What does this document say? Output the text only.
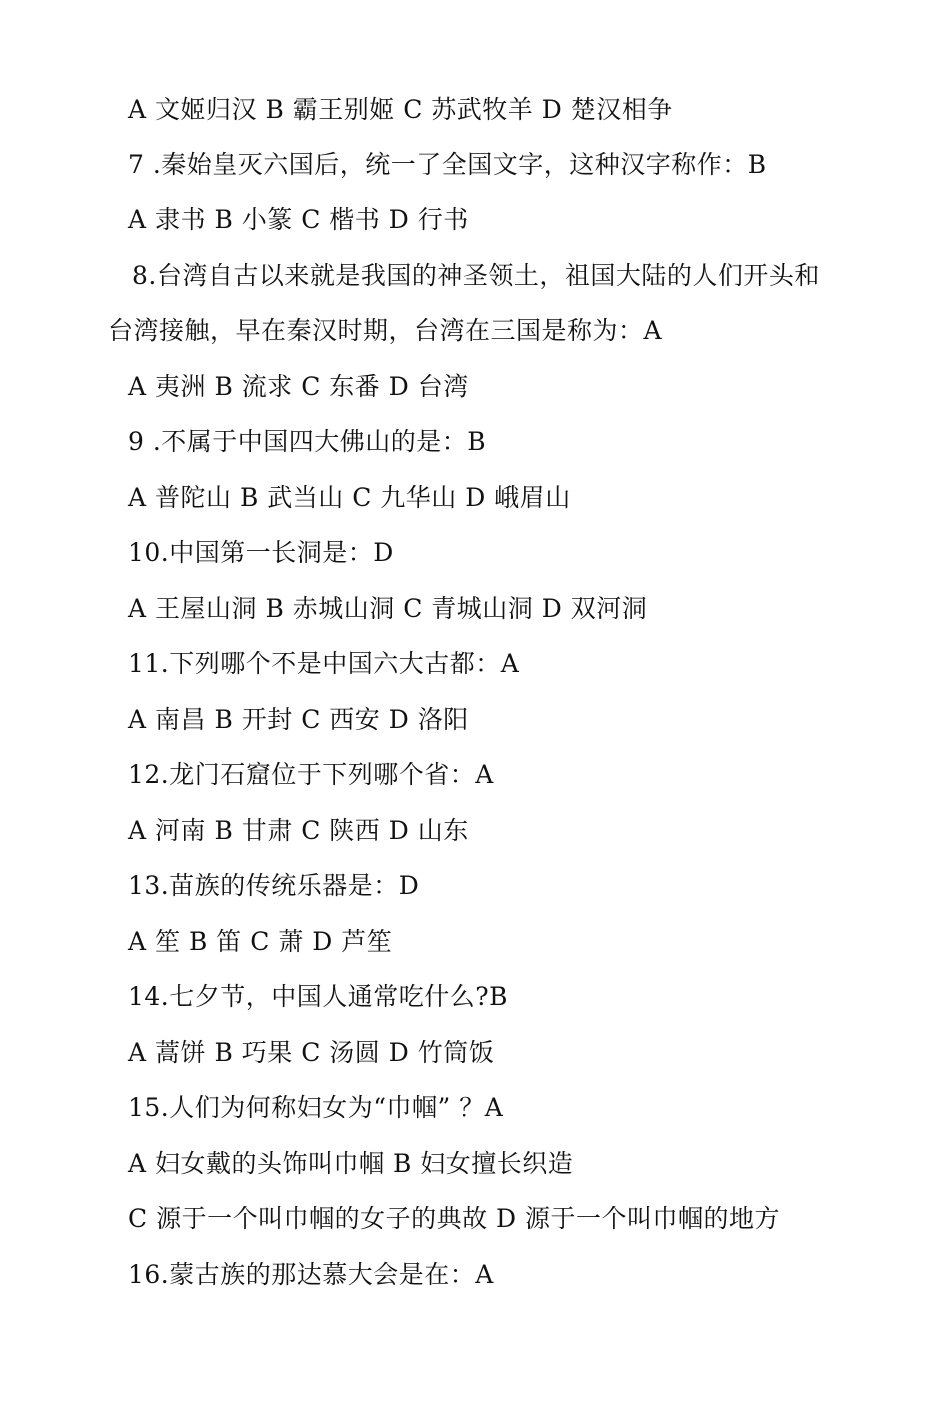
A 文姬归汉 B 霸王别姬 C 苏武牧羊 D 楚汉相争
7 .秦始皇灭六国后，统一了全国文字，这种汉字称作：B
A 隶书 B 小篆 C 楷书 D 行书
8.台湾自古以来就是我国的神圣领土，祖国大陆的人们开头和
台湾接触，早在秦汉时期，台湾在三国是称为：A
A 夷洲 B 流求 C 东番 D 台湾
9 .不属于中国四大佛山的是：B
A 普陀山 B 武当山 C 九华山 D 峨眉山
10.中国第一长洞是：D
A 王屋山洞 B 赤城山洞 C 青城山洞 D 双河洞
11.下列哪个不是中国六大古都：A
A 南昌 B 开封 C 西安 D 洛阳
12.龙门石窟位于下列哪个省：A
A 河南 B 甘肃 C 陕西 D 山东
13.苗族的传统乐器是：D
A 笙 B 笛 C 萧 D 芦笙
14.七夕节，中国人通常吃什么?B
A 蒿饼 B 巧果 C 汤圆 D 竹筒饭
15.人们为何称妇女为“巾帼” ？A
A 妇女戴的头饰叫巾帼 B 妇女擅长织造
C 源于一个叫巾帼的女子的典故 D 源于一个叫巾帼的地方
16.蒙古族的那达慕大会是在：A
